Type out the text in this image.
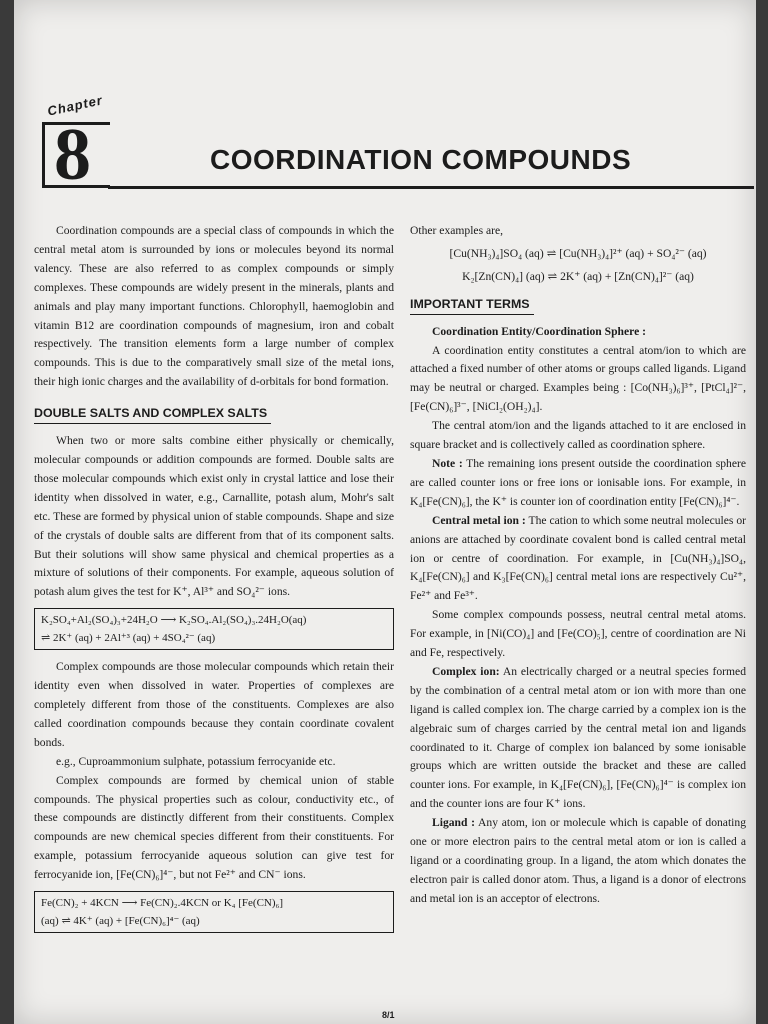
Chapter
8	COORDINATION COMPOUNDS

Coordination compounds are a special class of compounds in which the central metal atom is surrounded by ions or molecules beyond its normal valency. These are also referred to as complex compounds or simply complexes. These compounds are widely present in the minerals, plants and animals and play many important functions. Chlorophyll, haemoglobin and vitamin B12 are coordination compounds of magnesium, iron and cobalt respectively. The transition elements form a large number of complex compounds. This is due to the comparatively small size of the metal ions, their high ionic charges and the availability of d-orbitals for bond formation.

DOUBLE SALTS AND COMPLEX SALTS

When two or more salts combine either physically or chemically, molecular compounds or addition compounds are formed. Double salts are those molecular compounds which exist only in crystal lattice and lose their identity when dissolved in water, e.g., Carnallite, potash alum, Mohr's salt etc. These are formed by physical union of stable compounds. Shape and size of the crystals of double salts are different from that of its component salts. But their solutions will show same physical and chemical properties as a mixture of solutions of their components. For example, aqueous solution of potash alum gives the test for K⁺, Al³⁺ and SO₄²⁻ ions.

K₂SO₄+Al₂(SO₄)₃+24H₂O ⟶ K₂SO₄.Al₂(SO₄)₃.24H₂O(aq)
⇌ 2K⁺ (aq) + 2Al⁺³ (aq) + 4SO₄²⁻ (aq)

Complex compounds are those molecular compounds which retain their identity even when dissolved in water. Properties of complexes are completely different from those of the constituents. Complexes are also called coordination compounds because they contain coordinate covalent bonds.

e.g., Cuproammonium sulphate, potassium ferrocyanide etc.

Complex compounds are formed by chemical union of stable compounds. The physical properties such as colour, conductivity etc., of these compounds are distinctly different from their constituents. Complex compounds are new chemical species different from their constituents. For example, potassium ferrocyanide aqueous solution can give test for ferrocyanide ion, [Fe(CN)₆]⁴⁻, but not Fe²⁺ and CN⁻ ions.

Fe(CN)₂ + 4KCN ⟶ Fe(CN)₂.4KCN or K₄ [Fe(CN)₆]
(aq) ⇌ 4K⁺ (aq) + [Fe(CN)₆]⁴⁻ (aq)

Other examples are,

[Cu(NH₃)₄]SO₄ (aq) ⇌ [Cu(NH₃)₄]²⁺ (aq) + SO₄²⁻ (aq)
K₂[Zn(CN)₄] (aq) ⇌ 2K⁺ (aq) + [Zn(CN)₄]²⁻ (aq)
IMPORTANT TERMS

Coordination Entity/Coordination Sphere :

A coordination entity constitutes a central atom/ion to which are attached a fixed number of other atoms or groups called ligands. Ligand may be neutral or charged. Examples being : [Co(NH₃)₆]³⁺, [PtCl₄]²⁻, [Fe(CN)₆]³⁻, [NiCl₂(OH₂)₄].

The central atom/ion and the ligands attached to it are enclosed in square bracket and is collectively called as coordination sphere.

Note : The remaining ions present outside the coordination sphere are called counter ions or free ions or ionisable ions. For example, in K₄[Fe(CN)₆], the K⁺ is counter ion of coordination entity [Fe(CN)₆]⁴⁻.

Central metal ion : The cation to which some neutral molecules or anions are attached by coordinate covalent bond is called central metal ion or centre of coordination. For example, in [Cu(NH₃)₄]SO₄, K₄[Fe(CN)₆] and K₃[Fe(CN)₆] central metal ions are respectively Cu²⁺, Fe²⁺ and Fe³⁺.

Some complex compounds possess, neutral central metal atoms. For example, in [Ni(CO)₄] and [Fe(CO)₅], centre of coordination are Ni and Fe, respectively.

Complex ion: An electrically charged or a neutral species formed by the combination of a central metal atom or ion with more than one ligand is called complex ion. The charge carried by a complex ion is the algebraic sum of charges carried by the central metal ion and ligands coordinated to it. Charge of complex ion balanced by some ionisable groups which are written outside the bracket and these are called counter ions. For example, in K₄[Fe(CN)₆], [Fe(CN)₆]⁴⁻ is complex ion and the counter ions are four K⁺ ions.

Ligand : Any atom, ion or molecule which is capable of donating one or more electron pairs to the central metal atom or ion is called a ligand or a coordinating group. In a ligand, the atom which donates the electron pair is called donor atom. Thus, a ligand is a donor of electrons and metal ion is an acceptor of electrons.

8/1
